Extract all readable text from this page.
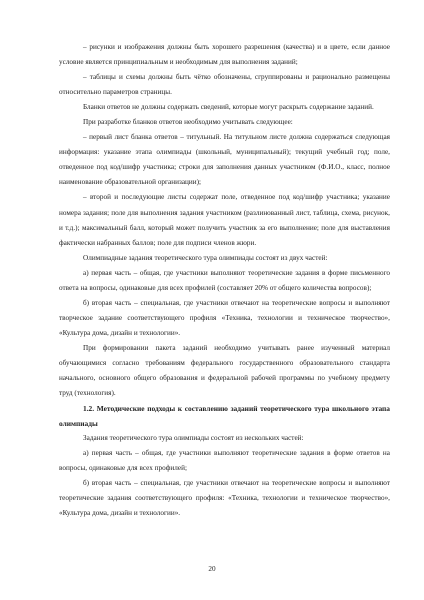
– рисунки и изображения должны быть хорошего разрешения (качества) и в цвете, если данное условие является принципиальным и необходимым для выполнения заданий;

– таблицы и схемы должны быть чётко обозначены, сгруппированы и рационально размещены относительно параметров страницы.

Бланки ответов не должны содержать сведений, которые могут раскрыть содержание заданий.

При разработке бланков ответов необходимо учитывать следующее:

– первый лист бланка ответов – титульный. На титульном листе должна содержаться следующая информация: указание этапа олимпиады (школьный, муниципальный); текущий учебный год; поле, отведенное под код/шифр участника; строки для заполнения данных участником (Ф.И.О., класс, полное наименование образовательной организации);

– второй и последующие листы содержат поле, отведенное под код/шифр участника; указание номера задания; поле для выполнения задания участником (разлинованный лист, таблица, схема, рисунок, и т.д.); максимальный балл, который может получить участник за его выполнение; поле для выставления фактически набранных баллов; поле для подписи членов жюри.

Олимпиадные задания теоретического тура олимпиады состоят из двух частей:

а) первая часть – общая, где участники выполняют теоретические задания в форме письменного ответа на вопросы, одинаковые для всех профилей (составляет 20% от общего количества вопросов);

б) вторая часть – специальная, где участники отвечают на теоретические вопросы и выполняют творческое задание соответствующего профиля «Техника, технологии и техническое творчество», «Культура дома, дизайн и технологии».

При формировании пакета заданий необходимо учитывать ранее изученный материал обучающимися согласно требованиям федерального государственного образовательного стандарта начального, основного общего образования и федеральной рабочей программы по учебному предмету труд (технология).

1.2. Методические подходы к составлению заданий теоретического тура школьного этапа олимпиады

Задания теоретического тура олимпиады состоят из нескольких частей:

а) первая часть – общая, где участники выполняют теоретические задания в форме ответов на вопросы, одинаковые для всех профилей;

б) вторая часть – специальная, где участники отвечают на теоретические вопросы и выполняют теоретические задания соответствующего профиля: «Техника, технологии и техническое творчество», «Культура дома, дизайн и технологии».

20
